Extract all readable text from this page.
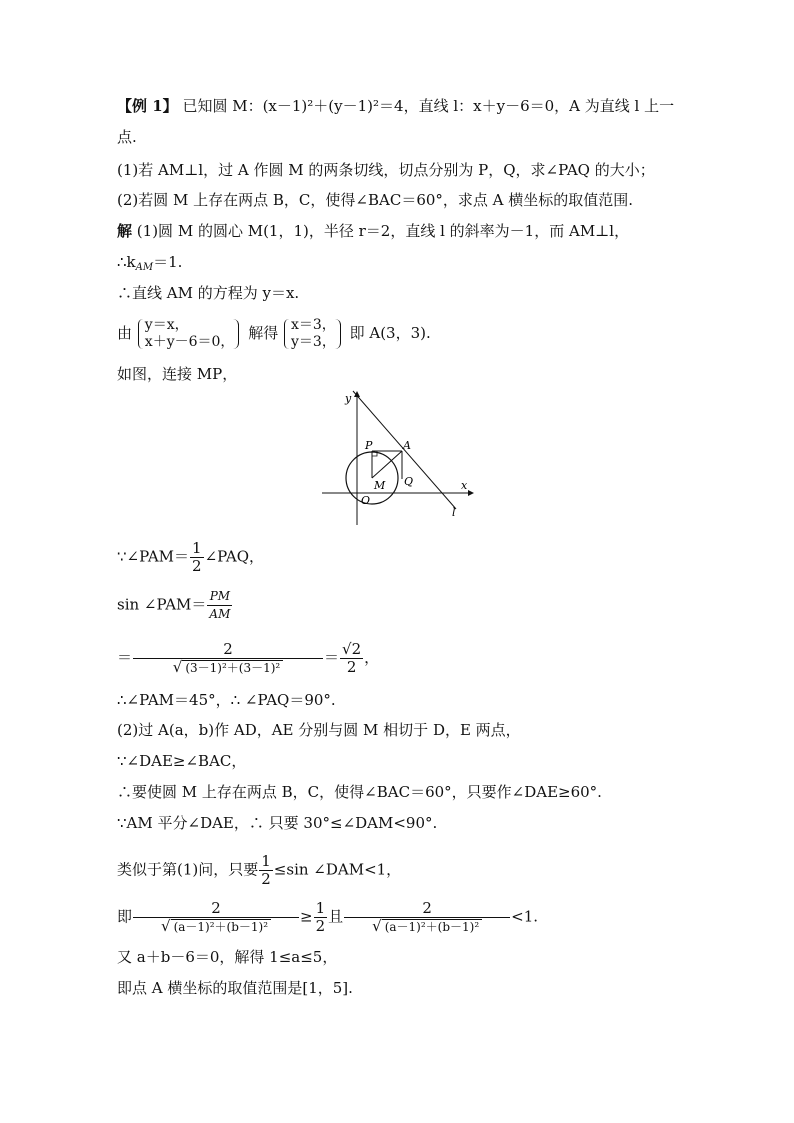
【例 1】 已知圆 M：(x－1)²＋(y－1)²＝4，直线 l：x＋y－6＝0，A 为直线 l 上一
点.
(1)若 AM⊥l，过 A 作圆 M 的两条切线，切点分别为 P，Q，求∠PAQ 的大小；
(2)若圆 M 上存在两点 B，C，使得∠BAC＝60°，求点 A 横坐标的取值范围.
解 (1)圆 M 的圆心 M(1，1)，半径 r＝2，直线 l 的斜率为－1，而 AM⊥l，
$\therefore k_{AM}=1$.
∴直线 AM 的方程为 y＝x.
由 y＝x，
x＋y－6＝0， 解得 x＝3，
y＝3， 即 A(3，3).
如图，连接 MP，
y
x
P	A
M Q
O
l
∵∠PAM＝ $\frac{1}{2}$ ∠PAQ，
sin ∠PAM＝ $\frac{PM}{AM}$
＝ $\frac{2}{\text{√ (3－1)²＋(3－1)²}} = \frac{√2}{2}$ ，
∴∠PAM＝45°，∴ ∠PAQ＝90°.
(2)过 A(a，b)作 AD，AE 分别与圆 M 相切于 D，E 两点，
∵∠DAE≥∠BAC，
∴要使圆 M 上存在两点 B，C，使得∠BAC＝60°，只要作∠DAE≥60°.
∵AM 平分∠DAE，∴ 只要 30°≤∠DAM<90°.
类似于第(1)问，只要 $\frac{1}{2} \le\sin$ ∠DAM<1，
即 $\frac{2}{\text{√ (a－1)²＋(b－1)²}} \ge \frac{1}{2}$ 且 $\frac{2}{\text{√ (a－1)²＋(b－1)²}} <1$.
又 a＋b－6＝0，解得 1≤a≤5，
即点 A 横坐标的取值范围是[1，5].
